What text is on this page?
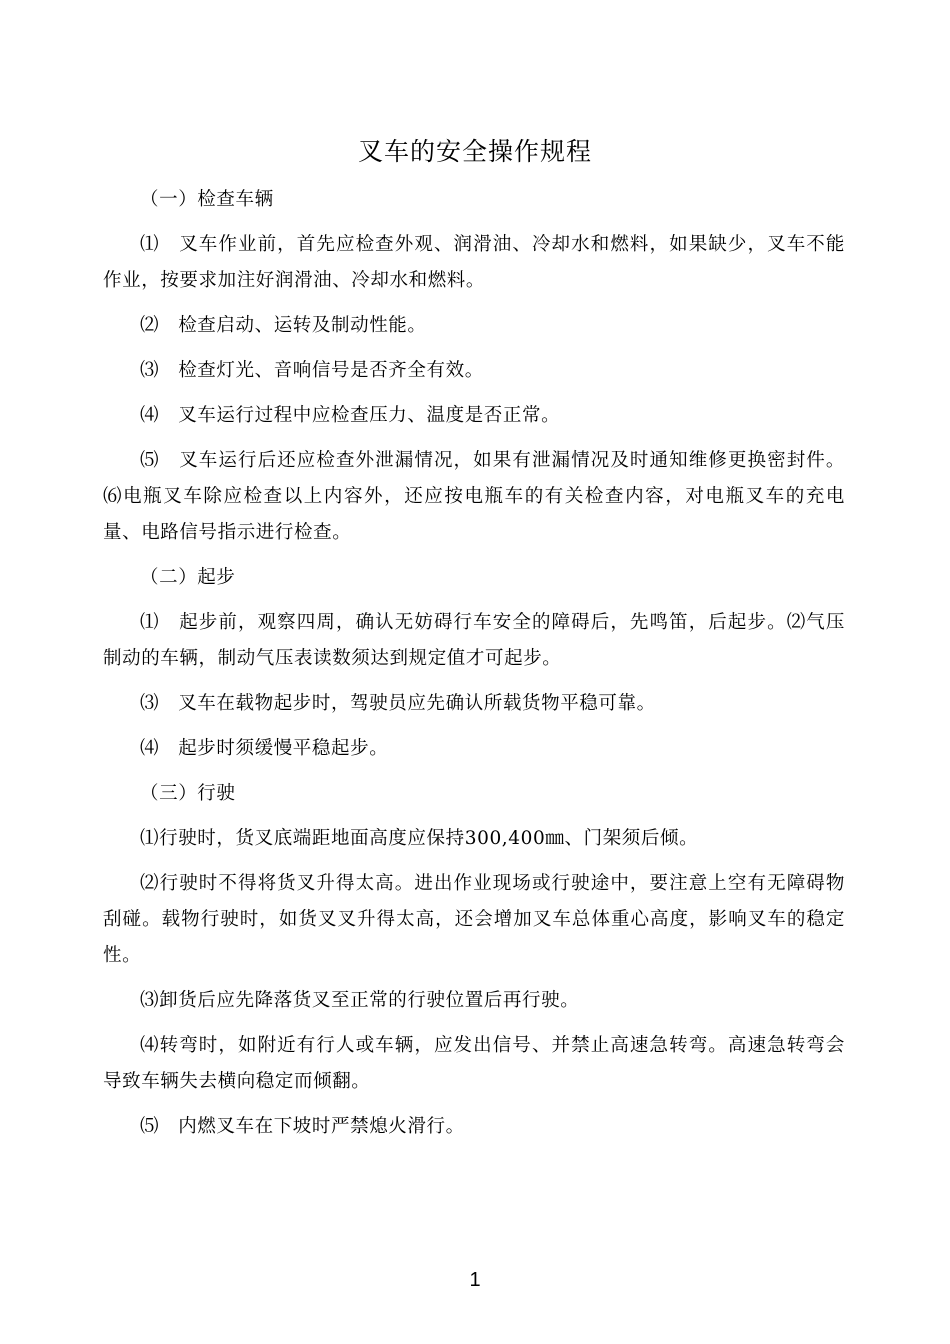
叉车的安全操作规程

（一）检查车辆

⑴　叉车作业前，首先应检查外观、润滑油、冷却水和燃料，如果缺少，叉车不能作业，按要求加注好润滑油、冷却水和燃料。

⑵　检查启动、运转及制动性能。

⑶　检查灯光、音响信号是否齐全有效。

⑷　叉车运行过程中应检查压力、温度是否正常。

⑸　叉车运行后还应检查外泄漏情况，如果有泄漏情况及时通知维修更换密封件。⑹电瓶叉车除应检查以上内容外，还应按电瓶车的有关检查内容，对电瓶叉车的充电量、电路信号指示进行检查。

（二）起步

⑴　起步前，观察四周，确认无妨碍行车安全的障碍后，先鸣笛，后起步。⑵气压制动的车辆，制动气压表读数须达到规定值才可起步。

⑶　叉车在载物起步时，驾驶员应先确认所载货物平稳可靠。

⑷　起步时须缓慢平稳起步。

（三）行驶

⑴行驶时，货叉底端距地面高度应保持300,400㎜、门架须后倾。

⑵行驶时不得将货叉升得太高。进出作业现场或行驶途中，要注意上空有无障碍物刮碰。载物行驶时，如货叉叉升得太高，还会增加叉车总体重心高度，影响叉车的稳定性。

⑶卸货后应先降落货叉至正常的行驶位置后再行驶。

⑷转弯时，如附近有行人或车辆，应发出信号、并禁止高速急转弯。高速急转弯会导致车辆失去横向稳定而倾翻。

⑸　内燃叉车在下坡时严禁熄火滑行。

1
